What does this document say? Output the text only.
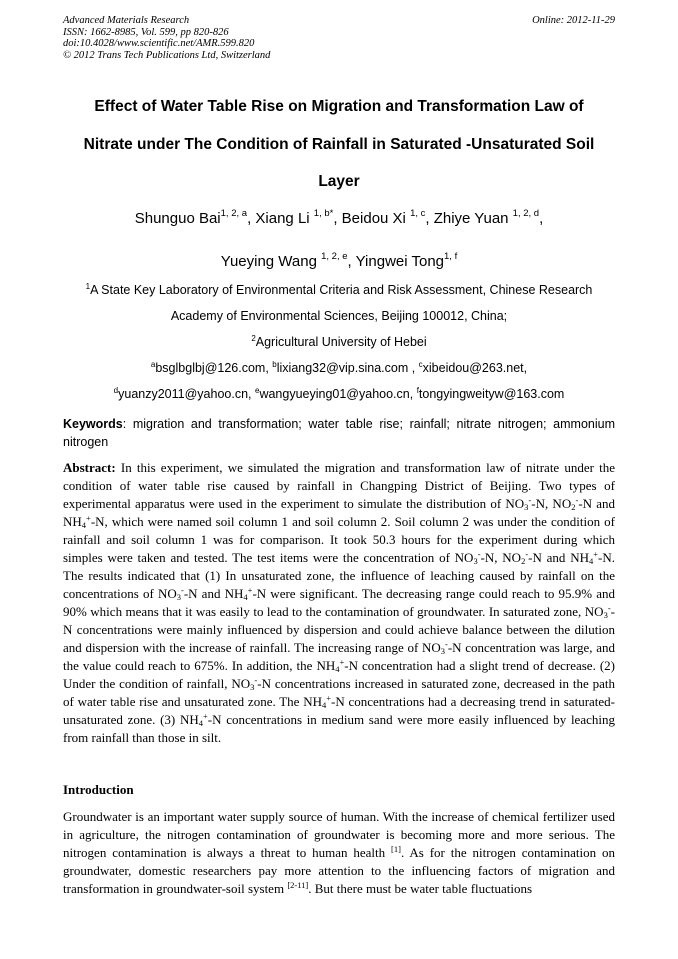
Advanced Materials Research
ISSN: 1662-8985, Vol. 599, pp 820-826
doi:10.4028/www.scientific.net/AMR.599.820
© 2012 Trans Tech Publications Ltd, Switzerland
Online: 2012-11-29
Effect of Water Table Rise on Migration and Transformation Law of
Nitrate under The Condition of Rainfall in Saturated -Unsaturated Soil
Layer
Shunguo Bai$^{1, 2, a}$, Xiang Li $^{1, b*}$, Beidou Xi $^{1, c}$, Zhiye Yuan $^{1, 2, d}$,
Yueying Wang $^{1, 2, e}$, Yingwei Tong$^{1, f}$
$^1$A State Key Laboratory of Environmental Criteria and Risk Assessment, Chinese Research
Academy of Environmental Sciences, Beijing 100012, China;
$^2$Agricultural University of Hebei
$^a$bsglbglbj@126.com, $^b$lixiang32@vip.sina.com , $^c$xibeidou@263.net,
$^d$yuanzy2011@yahoo.cn, $^e$wangyueying01@yahoo.cn, $^f$tongyingweityw@163.com
Keywords: migration and transformation; water table rise; rainfall; nitrate nitrogen; ammonium nitrogen
Abstract: In this experiment, we simulated the migration and transformation law of nitrate under the condition of water table rise caused by rainfall in Changping District of Beijing. Two types of experimental apparatus were used in the experiment to simulate the distribution of $NO_3^--N$, $NO_2^--N$ and $NH_4^+-N$, which were named soil column 1 and soil column 2. Soil column 2 was under the condition of rainfall and soil column 1 was for comparison. It took 50.3 hours for the experiment during which simples were taken and tested. The test items were the concentration of $NO_3^--N$, $NO_2^--N$ and $NH_4^+-N$. The results indicated that (1) In unsaturated zone, the influence of leaching caused by rainfall on the concentrations of $NO_3^--N$ and $NH_4^+-N$ were significant. The decreasing range could reach to 95.9% and 90% which means that it was easily to lead to the contamination of groundwater. In saturated zone, $NO_3^--N$ concentrations were mainly influenced by dispersion and could achieve balance between the dilution and dispersion with the increase of rainfall. The increasing range of $NO_3^--N$ concentration was large, and the value could reach to 675%. In addition, the $NH_4^+-N$ concentration had a slight trend of decrease. (2) Under the condition of rainfall, $NO_3^--N$ concentrations increased in saturated zone, decreased in the path of water table rise and unsaturated zone. The $NH_4^+-N$ concentrations had a decreasing trend in saturated-unsaturated zone. (3) $NH_4^+-N$ concentrations in medium sand were more easily influenced by leaching from rainfall than those in silt.
Introduction
Groundwater is an important water supply source of human. With the increase of chemical fertilizer used in agriculture, the nitrogen contamination of groundwater is becoming more and more serious. The nitrogen contamination is always a threat to human health [1]. As for the nitrogen contamination on groundwater, domestic researchers pay more attention to the influencing factors of migration and transformation in groundwater-soil system [2-11]. But there must be water table fluctuations
